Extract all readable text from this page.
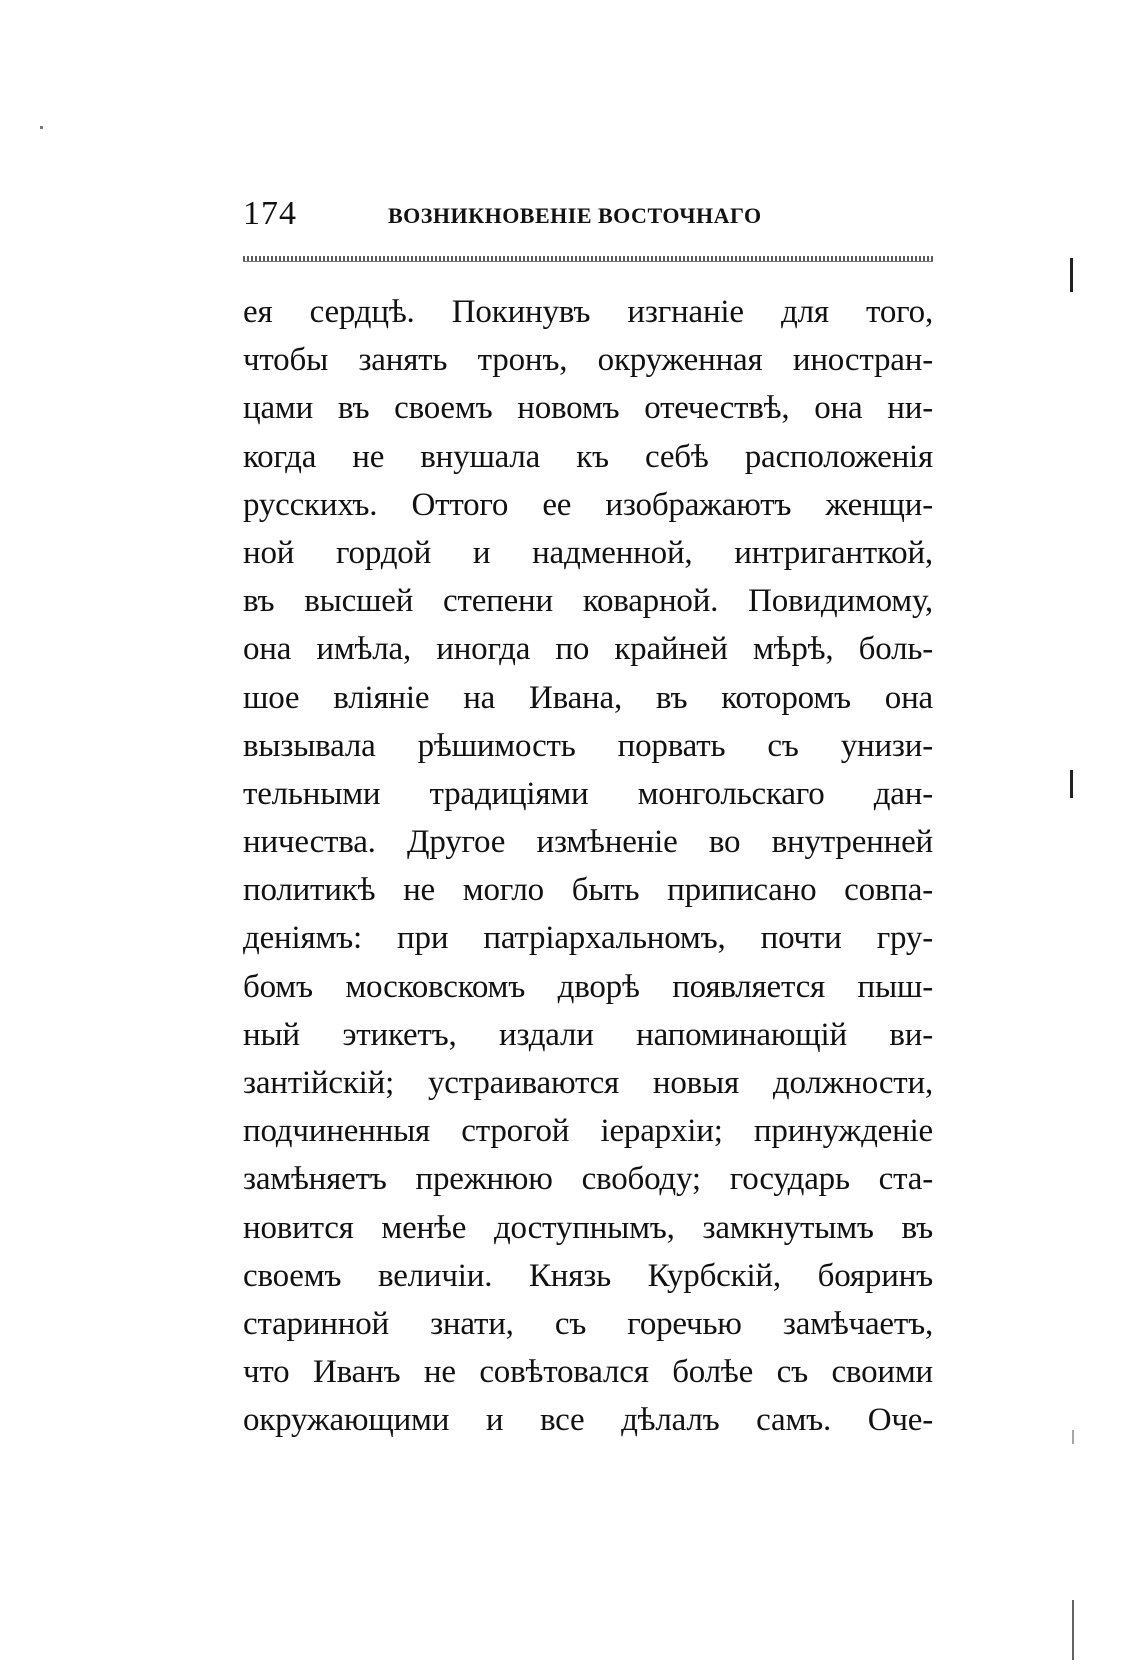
174	ВОЗНИКНОВЕНІЕ ВОСТОЧНАГО
ея сердцѣ. Покинувъ изгнаніе для того,
чтобы занять тронъ, окруженная иностран-
цами въ своемъ новомъ отечествѣ, она ни-
когда не внушала къ себѣ расположенія
русскихъ. Оттого ее изображаютъ женщи-
ной гордой и надменной, интриганткой,
въ высшей степени коварной. Повидимому,
она имѣла, иногда по крайней мѣрѣ, боль-
шое вліяніе на Ивана, въ которомъ она
вызывала рѣшимость порвать съ унизи-
тельными традиціями монгольскаго дан-
ничества. Другое измѣненіе во внутренней
политикѣ не могло быть приписано совпа-
деніямъ: при патріархальномъ, почти гру-
бомъ московскомъ дворѣ появляется пыш-
ный этикетъ, издали напоминающій ви-
зантійскій; устраиваются новыя должности,
подчиненныя строгой іерархіи; принужденіе
замѣняетъ прежнюю свободу; государь ста-
новится менѣе доступнымъ, замкнутымъ въ
своемъ величіи. Князь Курбскій, бояринъ
старинной знати, съ горечью замѣчаетъ,
что Иванъ не совѣтовался болѣе съ своими
окружающими и все дѣлалъ самъ. Оче-
